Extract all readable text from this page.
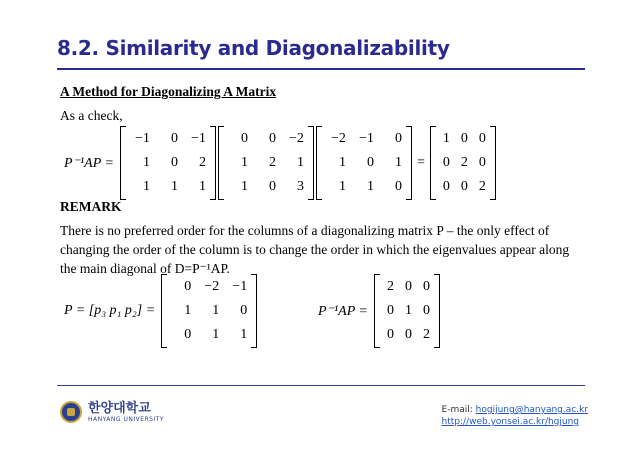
8.2. Similarity and Diagonalizability
A Method for Diagonalizing A Matrix
As a check,
P⁻¹AP =
−1	0 −1
1	0	2
1	1	1
0	0 −2
1	2	1
1	0	3
−2 −1	0
1	0	1
1	1	0
=
1 0 0
0 2 0
0 0 2
REMARK
There is no preferred order for the columns of a diagonalizing matrix P – the only effect of changing the order of the column is to change the order in which the eigenvalues appear along the main diagonal of D=P⁻¹AP.
P = [p₃ p₁ p₂] =
0 −2 −1
1	1	0
0	1	1
P⁻¹AP =
2 0 0
0 1 0
0 0 2
한양대학교
HANYANG UNIVERSITY
E-mail: hogijung@hanyang.ac.kr
http://web.yonsei.ac.kr/hgjung
